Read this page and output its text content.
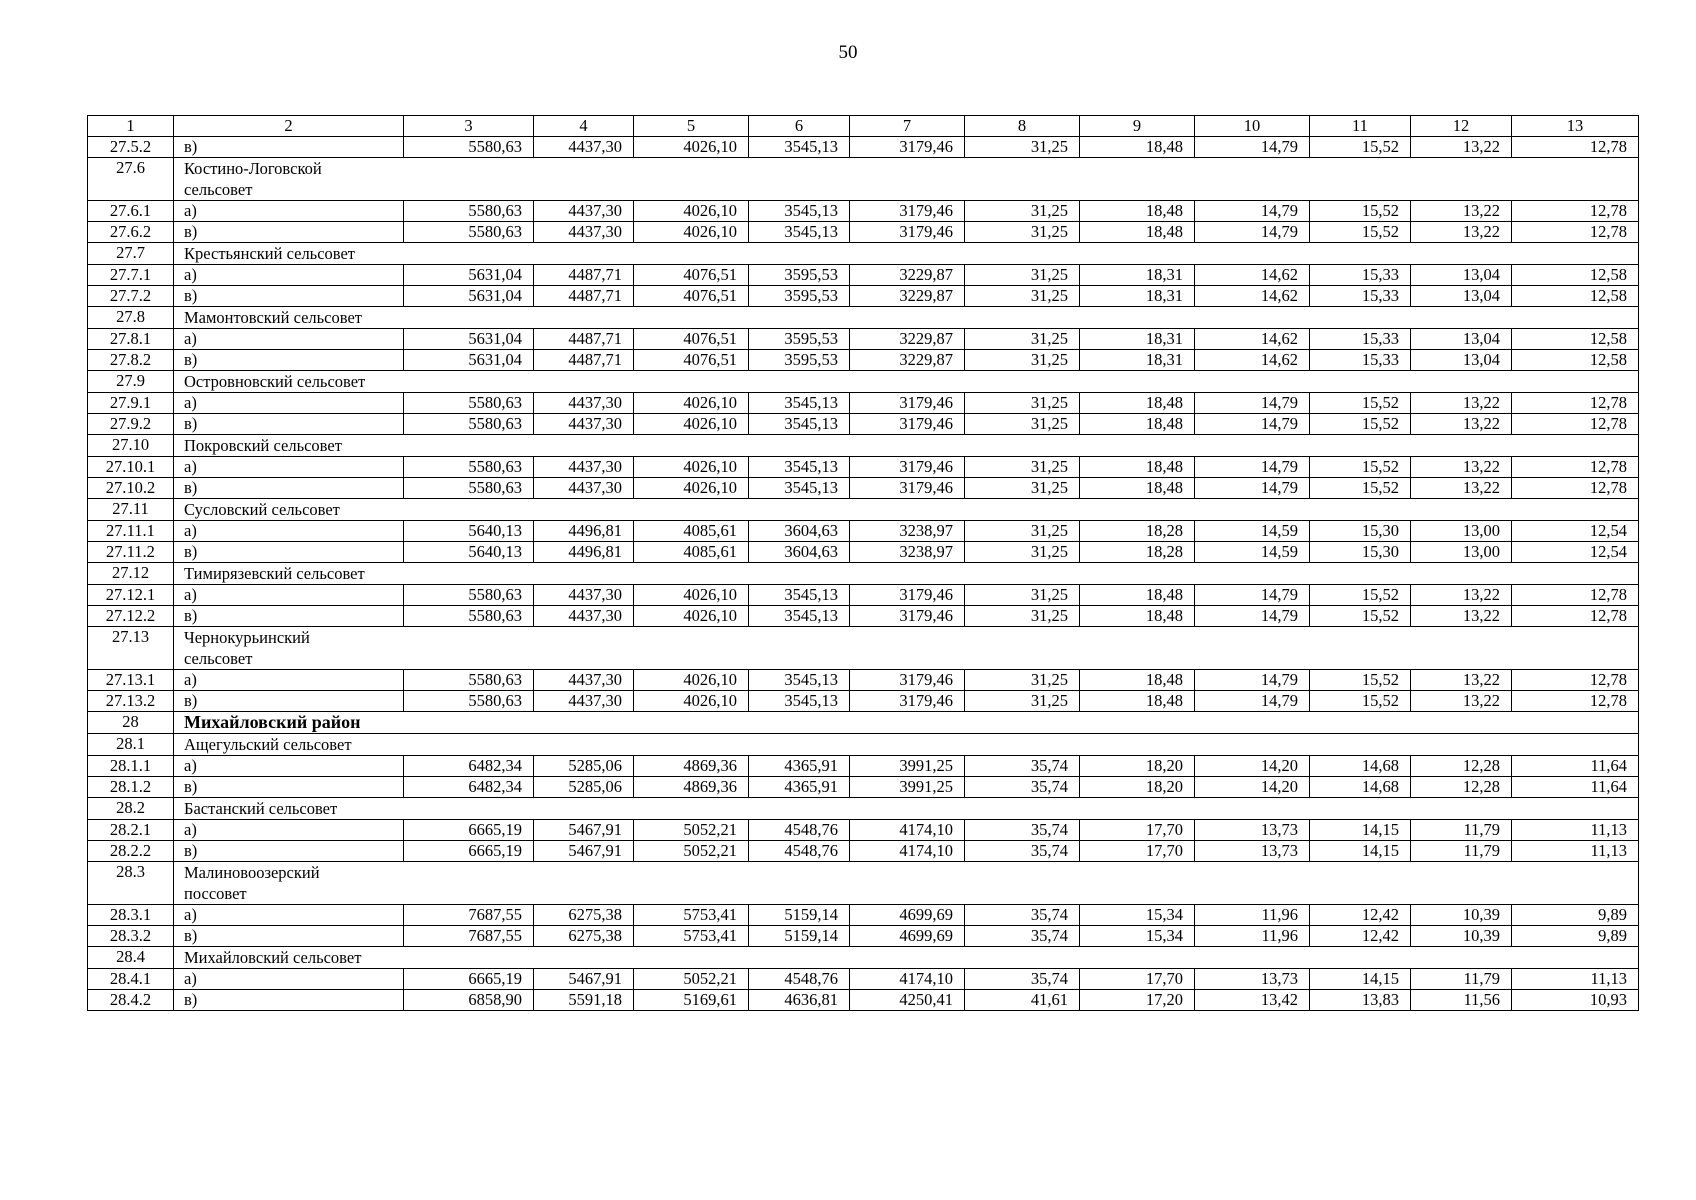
50
1	2	3	4	5	6	7	8	9	10	11	12	13
27.5.2	в)	5580,63	4437,30	4026,10	3545,13	3179,46	31,25	18,48	14,79	15,52	13,22	12,78
27.6	Костино-Логовской сельсовет											
27.6.1	а)	5580,63	4437,30	4026,10	3545,13	3179,46	31,25	18,48	14,79	15,52	13,22	12,78
27.6.2	в)	5580,63	4437,30	4026,10	3545,13	3179,46	31,25	18,48	14,79	15,52	13,22	12,78
27.7	Крестьянский сельсовет											
27.7.1	а)	5631,04	4487,71	4076,51	3595,53	3229,87	31,25	18,31	14,62	15,33	13,04	12,58
27.7.2	в)	5631,04	4487,71	4076,51	3595,53	3229,87	31,25	18,31	14,62	15,33	13,04	12,58
27.8	Мамонтовский сельсовет											
27.8.1	а)	5631,04	4487,71	4076,51	3595,53	3229,87	31,25	18,31	14,62	15,33	13,04	12,58
27.8.2	в)	5631,04	4487,71	4076,51	3595,53	3229,87	31,25	18,31	14,62	15,33	13,04	12,58
27.9	Островновский сельсовет											
27.9.1	а)	5580,63	4437,30	4026,10	3545,13	3179,46	31,25	18,48	14,79	15,52	13,22	12,78
27.9.2	в)	5580,63	4437,30	4026,10	3545,13	3179,46	31,25	18,48	14,79	15,52	13,22	12,78
27.10	Покровский сельсовет											
27.10.1	а)	5580,63	4437,30	4026,10	3545,13	3179,46	31,25	18,48	14,79	15,52	13,22	12,78
27.10.2	в)	5580,63	4437,30	4026,10	3545,13	3179,46	31,25	18,48	14,79	15,52	13,22	12,78
27.11	Сусловский сельсовет											
27.11.1	а)	5640,13	4496,81	4085,61	3604,63	3238,97	31,25	18,28	14,59	15,30	13,00	12,54
27.11.2	в)	5640,13	4496,81	4085,61	3604,63	3238,97	31,25	18,28	14,59	15,30	13,00	12,54
27.12	Тимирязевский сельсовет											
27.12.1	а)	5580,63	4437,30	4026,10	3545,13	3179,46	31,25	18,48	14,79	15,52	13,22	12,78
27.12.2	в)	5580,63	4437,30	4026,10	3545,13	3179,46	31,25	18,48	14,79	15,52	13,22	12,78
27.13	Чернокурьинский сельсовет											
27.13.1	а)	5580,63	4437,30	4026,10	3545,13	3179,46	31,25	18,48	14,79	15,52	13,22	12,78
27.13.2	в)	5580,63	4437,30	4026,10	3545,13	3179,46	31,25	18,48	14,79	15,52	13,22	12,78
28	Михайловский район											
28.1	Ащегульский сельсовет											
28.1.1	а)	6482,34	5285,06	4869,36	4365,91	3991,25	35,74	18,20	14,20	14,68	12,28	11,64
28.1.2	в)	6482,34	5285,06	4869,36	4365,91	3991,25	35,74	18,20	14,20	14,68	12,28	11,64
28.2	Бастанский сельсовет											
28.2.1	а)	6665,19	5467,91	5052,21	4548,76	4174,10	35,74	17,70	13,73	14,15	11,79	11,13
28.2.2	в)	6665,19	5467,91	5052,21	4548,76	4174,10	35,74	17,70	13,73	14,15	11,79	11,13
28.3	Малиновоозерский поссовет											
28.3.1	а)	7687,55	6275,38	5753,41	5159,14	4699,69	35,74	15,34	11,96	12,42	10,39	9,89
28.3.2	в)	7687,55	6275,38	5753,41	5159,14	4699,69	35,74	15,34	11,96	12,42	10,39	9,89
28.4	Михайловский сельсовет											
28.4.1	а)	6665,19	5467,91	5052,21	4548,76	4174,10	35,74	17,70	13,73	14,15	11,79	11,13
28.4.2	в)	6858,90	5591,18	5169,61	4636,81	4250,41	41,61	17,20	13,42	13,83	11,56	10,93
